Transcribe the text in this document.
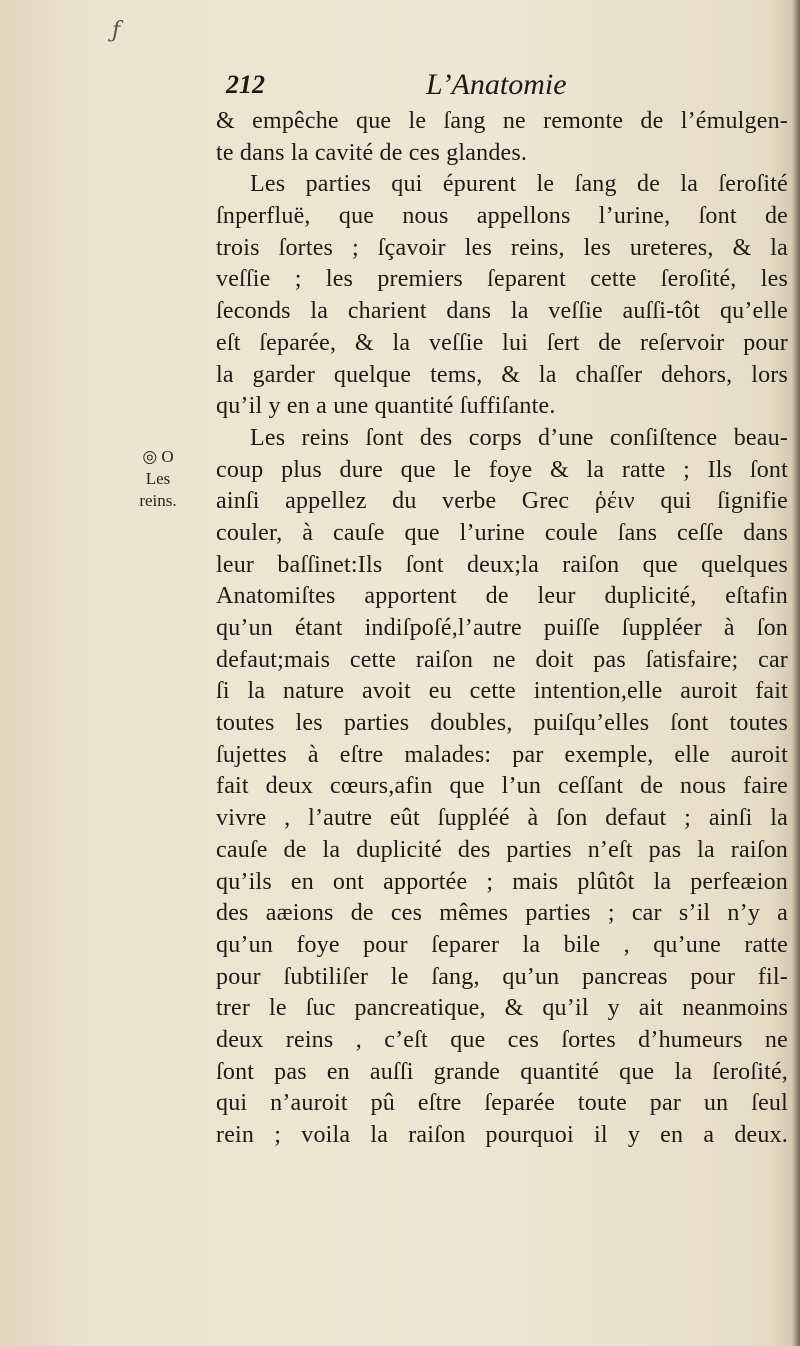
ƒ
212	L’Anatomie
◎ O
Les
reins.
& empêche que le ſang ne remonte de l’émulgen-
te dans la cavité de ces glandes.
Les parties qui épurent le ſang de la ſeroſité
ſnperfluë, que nous appellons l’urine, ſont de
trois ſortes ; ſçavoir les reins, les ureteres, & la
veſſie ; les premiers ſeparent cette ſeroſité, les
ſeconds la charient dans la veſſie auſſi-tôt qu’elle
eſt ſeparée, & la veſſie lui ſert de reſervoir pour
la garder quelque tems, & la chaſſer dehors, lors
qu’il y en a une quantité ſuffiſante.
Les reins ſont des corps d’une conſiſtence beau-
coup plus dure que le foye & la ratte ; Ils ſont
ainſi appellez du verbe Grec ῥέιν qui ſignifie
couler, à cauſe que l’urine coule ſans ceſſe dans
leur baſſinet:Ils ſont deux;la raiſon que quelques
Anatomiſtes apportent de leur duplicité, eſtafin
qu’un étant indiſpoſé,l’autre puiſſe ſuppléer à ſon
defaut;mais cette raiſon ne doit pas ſatisfaire; car
ſi la nature avoit eu cette intention,elle auroit fait
toutes les parties doubles, puiſqu’elles ſont toutes
ſujettes à eſtre malades: par exemple, elle auroit
fait deux cœurs,afin que l’un ceſſant de nous faire
vivre , l’autre eût ſuppléé à ſon defaut ; ainſi la
cauſe de la duplicité des parties n’eſt pas la raiſon
qu’ils en ont apportée ; mais plûtôt la perfeæion
des aæions de ces mêmes parties ; car s’il n’y a
qu’un foye pour ſeparer la bile , qu’une ratte
pour ſubtiliſer le ſang, qu’un pancreas pour fil-
trer le ſuc pancreatique, & qu’il y ait neanmoins
deux reins , c’eſt que ces ſortes d’humeurs ne
ſont pas en auſſi grande quantité que la ſeroſité,
qui n’auroit pû eſtre ſeparée toute par un ſeul
rein ; voila la raiſon pourquoi il y en a deux.
